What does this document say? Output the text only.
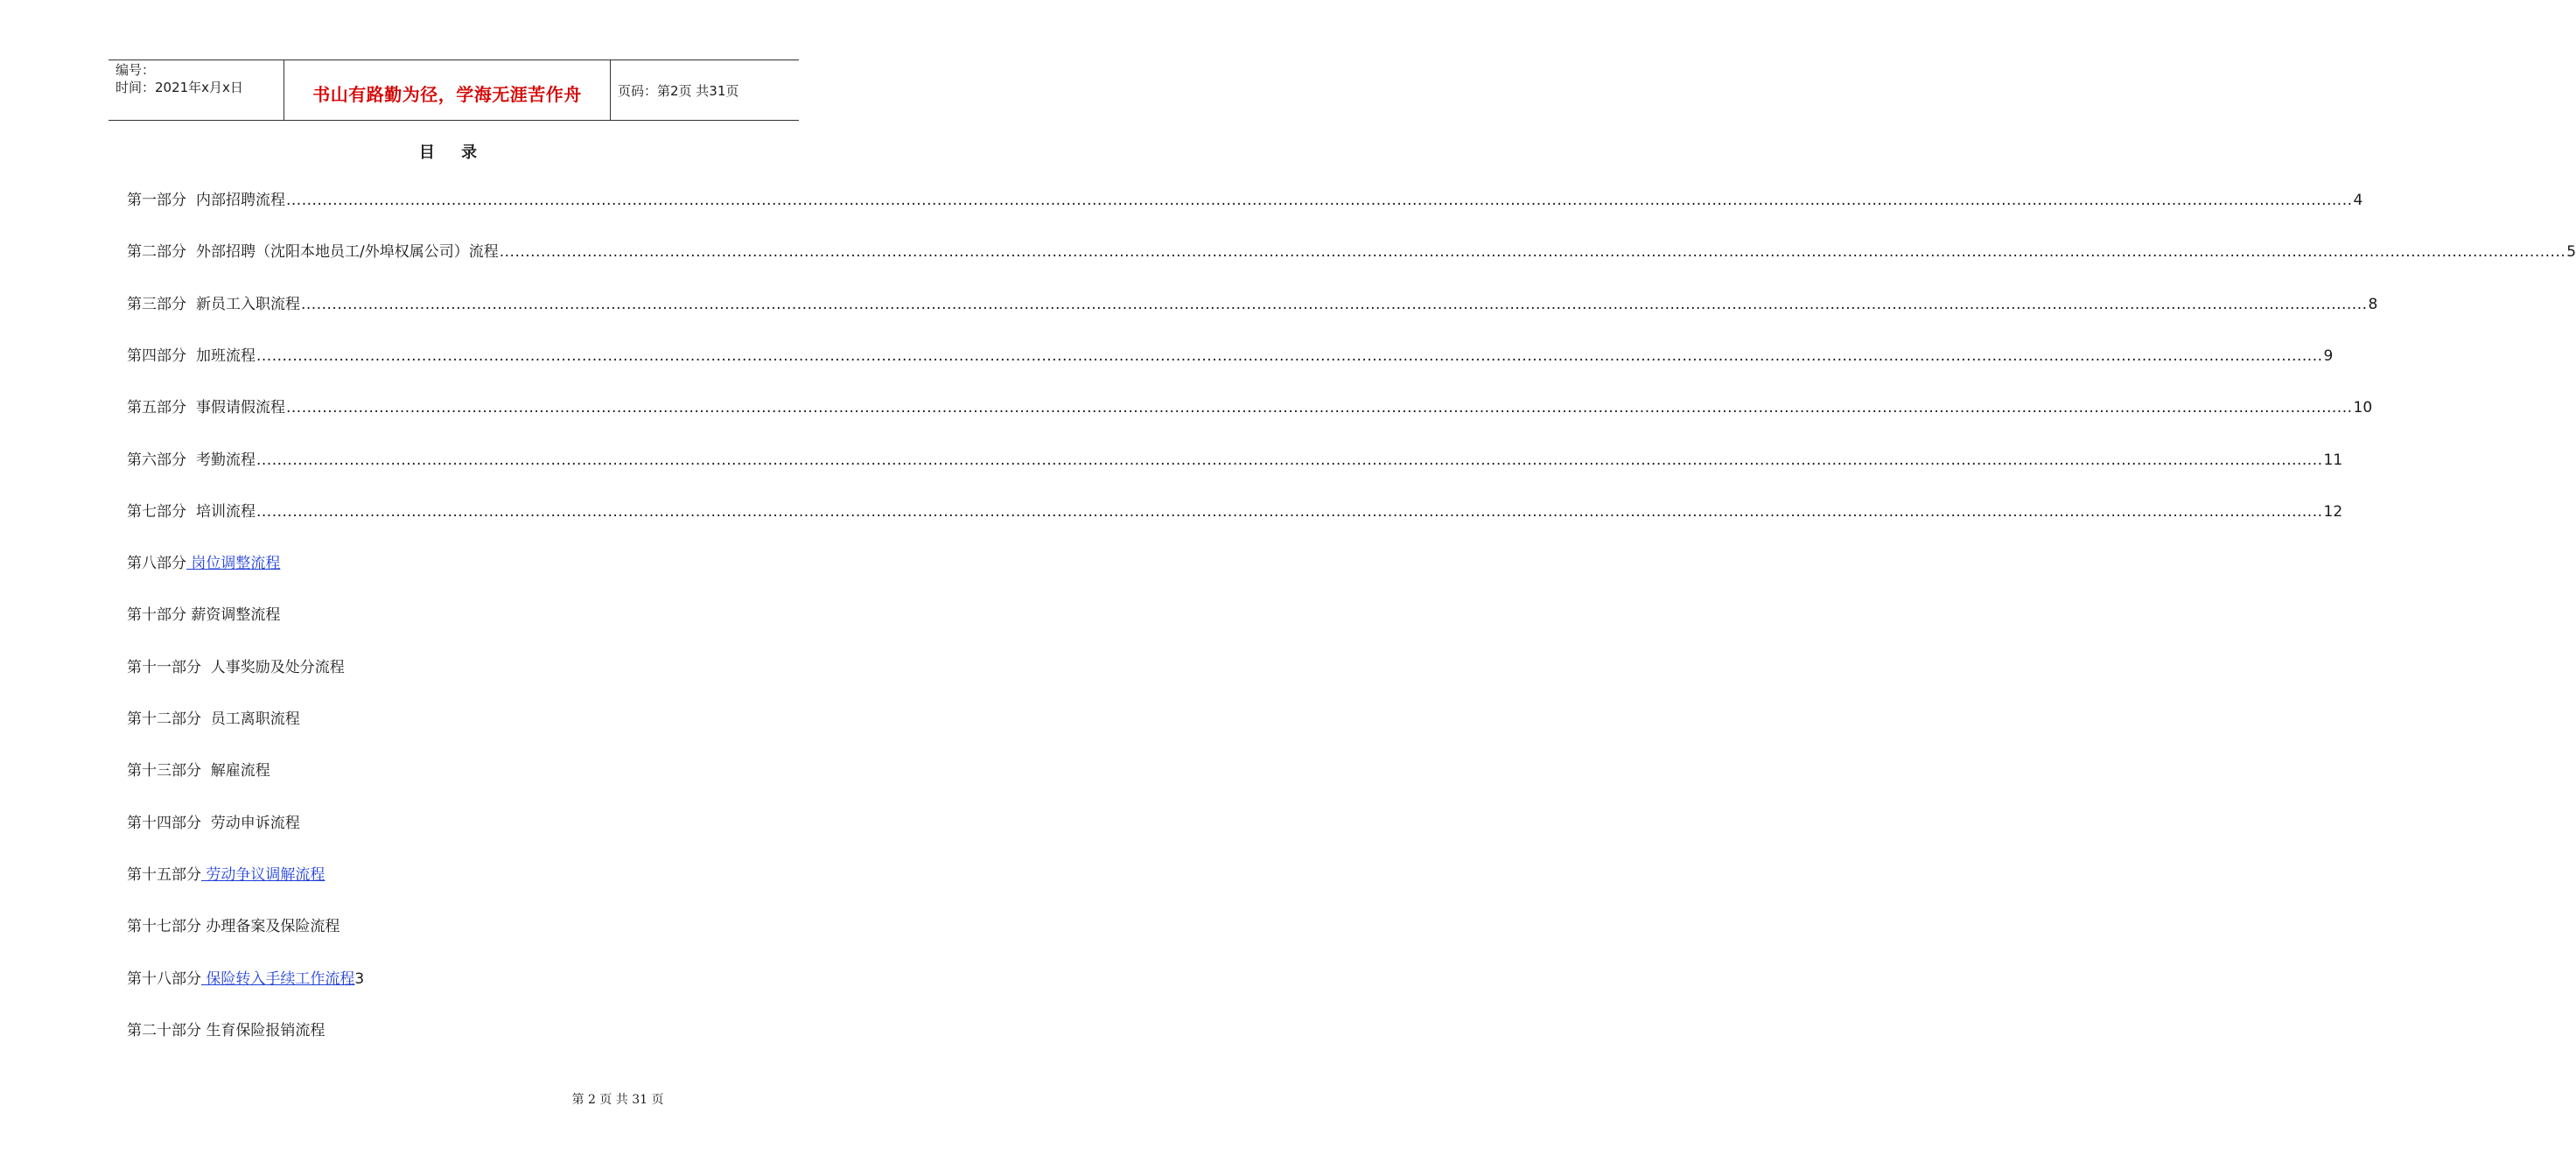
编号：
时间：2021年x月x日	书山有路勤为径，学海无涯苦作舟	页码：第2页 共31页
目 录
第一部分 内部招聘流程 ................................................................................................................................................................................................................................................................................................................................................................................................................ 4
第二部分 外部招聘（沈阳本地员工/外埠权属公司）流程 ................................................................................................................................................................................................................................................................................................................................................................................................................ 5
第三部分 新员工入职流程 ................................................................................................................................................................................................................................................................................................................................................................................................................ 8
第四部分 加班流程 ................................................................................................................................................................................................................................................................................................................................................................................................................ 9
第五部分 事假请假流程 ................................................................................................................................................................................................................................................................................................................................................................................................................ 10
第六部分 考勤流程 ................................................................................................................................................................................................................................................................................................................................................................................................................ 11
第七部分 培训流程 ................................................................................................................................................................................................................................................................................................................................................................................................................ 12
第八部分 岗位调整流程
第十部分 薪资调整流程
第十一部分  人事奖励及处分流程
第十二部分  员工离职流程
第十三部分  解雇流程
第十四部分  劳动申诉流程
第十五部分 劳动争议调解流程
第十七部分 办理备案及保险流程
第十八部分 保险转入手续工作流程3
第二十部分 生育保险报销流程
第 2 页 共 31 页
